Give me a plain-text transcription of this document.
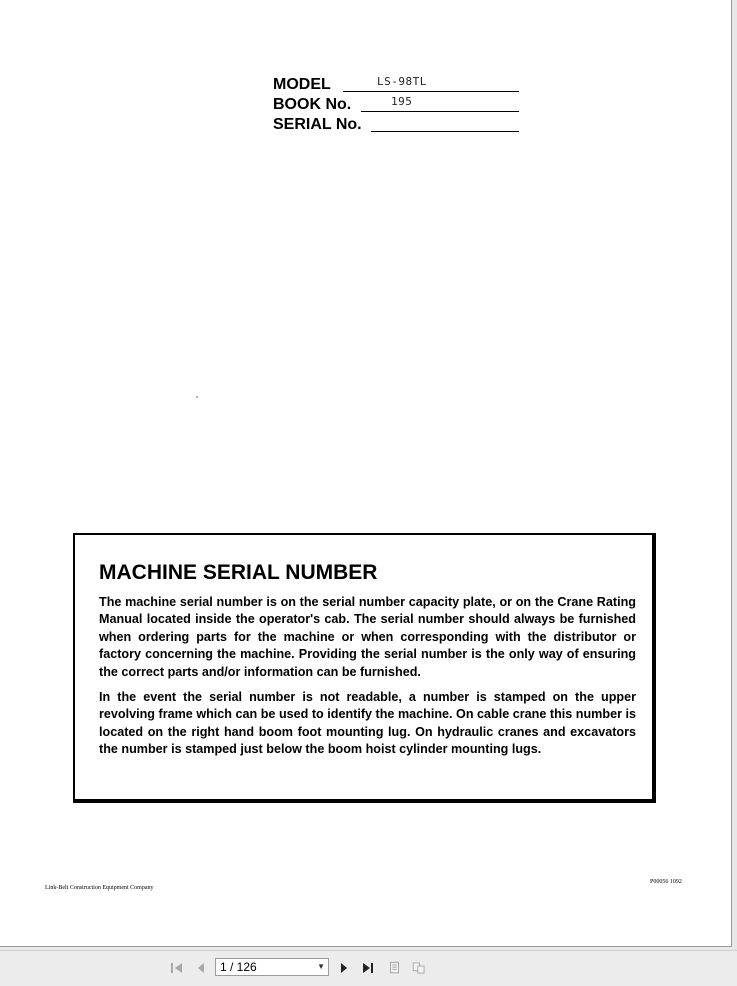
MODEL	LS-98TL
BOOK No.	195
SERIAL No.
MACHINE SERIAL NUMBER

The machine serial number is on the serial number capacity plate, or on the Crane Rating Manual located inside the operator's cab. The serial number should always be furnished when ordering parts for the machine or when corresponding with the distributor or factory concerning the machine. Providing the serial number is the only way of ensuring the correct parts and/or information can be furnished.

In the event the serial number is not readable, a number is stamped on the upper revolving frame which can be used to identify the machine. On cable crane this number is located on the right hand boom foot mounting lug. On hydraulic cranes and excavators the number is stamped just below the boom hoist cylinder mounting lugs.

Link-Belt Construction Equipment Company
P00056 1092
1 / 126	▼
